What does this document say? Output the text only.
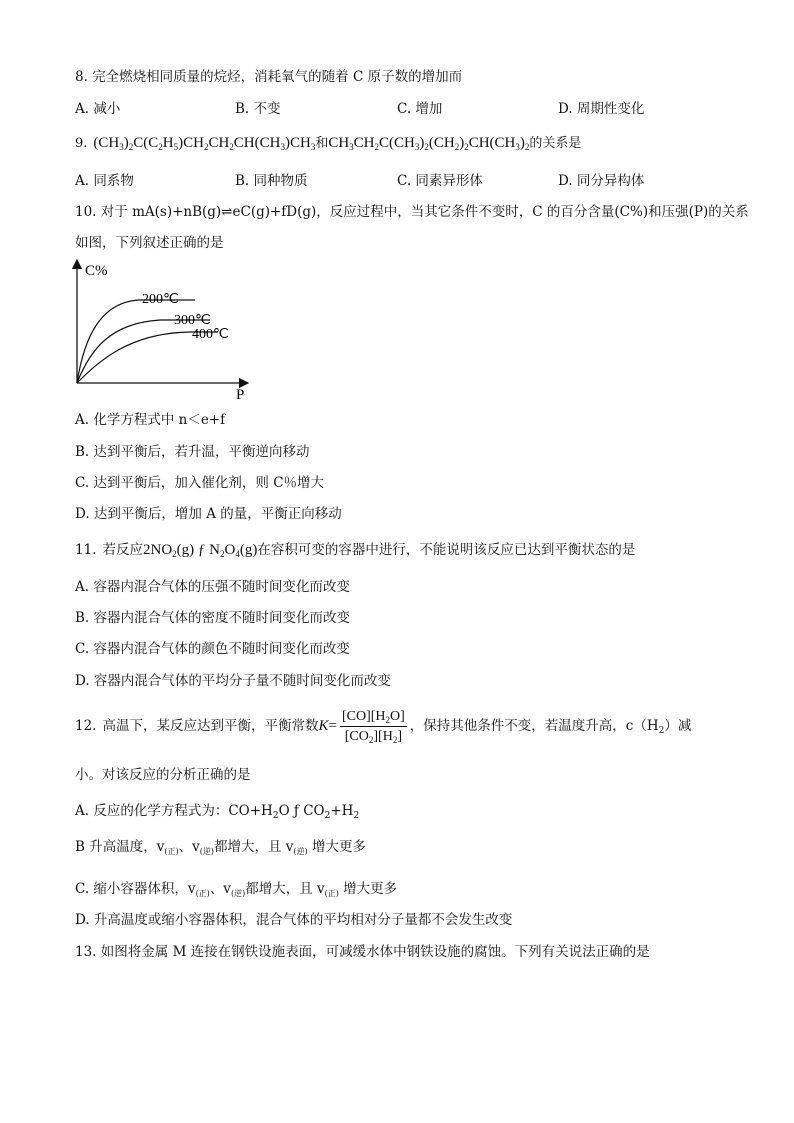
8. 完全燃烧相同质量的烷烃，消耗氧气的随着 C 原子数的增加而
A. 减小	B. 不变	C. 增加	D. 周期性变化
9. $(CH_3)_2C(C_2H_5)CH_2CH_2CH(CH_3)CH_3$和$CH_3CH_2C(CH_3)_2(CH_2)_2CH(CH_3)_2$的关系是
A. 同系物	B. 同种物质	C. 同素异形体	D. 同分异构体
10. 对于 mA(s)+nB(g)⇌eC(g)+fD(g)，反应过程中，当其它条件不变时，C 的百分含量(C%)和压强(P)的关系
如图，下列叙述正确的是
C%
P
200℃
300℃
400℃
A. 化学方程式中 n＜e+f
B. 达到平衡后，若升温，平衡逆向移动
C. 达到平衡后，加入催化剂，则 C％增大
D. 达到平衡后，增加 A 的量，平衡正向移动
11. 若反应$2NO_2(g)$ ƒ $N_2O_4(g)$在容积可变的容器中进行，不能说明该反应已达到平衡状态的是
A. 容器内混合气体的压强不随时间变化而改变
B. 容器内混合气体的密度不随时间变化而改变
C. 容器内混合气体的颜色不随时间变化而改变
D. 容器内混合气体的平均分子量不随时间变化而改变
12. 高温下，某反应达到平衡，平衡常数$K= \frac{[CO][H_2O]}{[CO_2][H_2]}$ ，保持其他条件不变，若温度升高，$c(H_2)$减
小。对该反应的分析正确的是
A. 反应的化学方程式为：$CO+H_2O$ ƒ $CO_2+H_2$
B 升高温度，$v_{(正)}$、$v_{(逆)}$都增大，且 $v_{(逆)}$ 增大更多
C. 缩小容器体积，$v_{(正)}$、$v_{(逆)}$都增大，且 $v_{(正)}$ 增大更多
D. 升高温度或缩小容器体积，混合气体的平均相对分子量都不会发生改变
13. 如图将金属 M 连接在钢铁设施表面，可减缓水体中钢铁设施的腐蚀。下列有关说法正确的是
